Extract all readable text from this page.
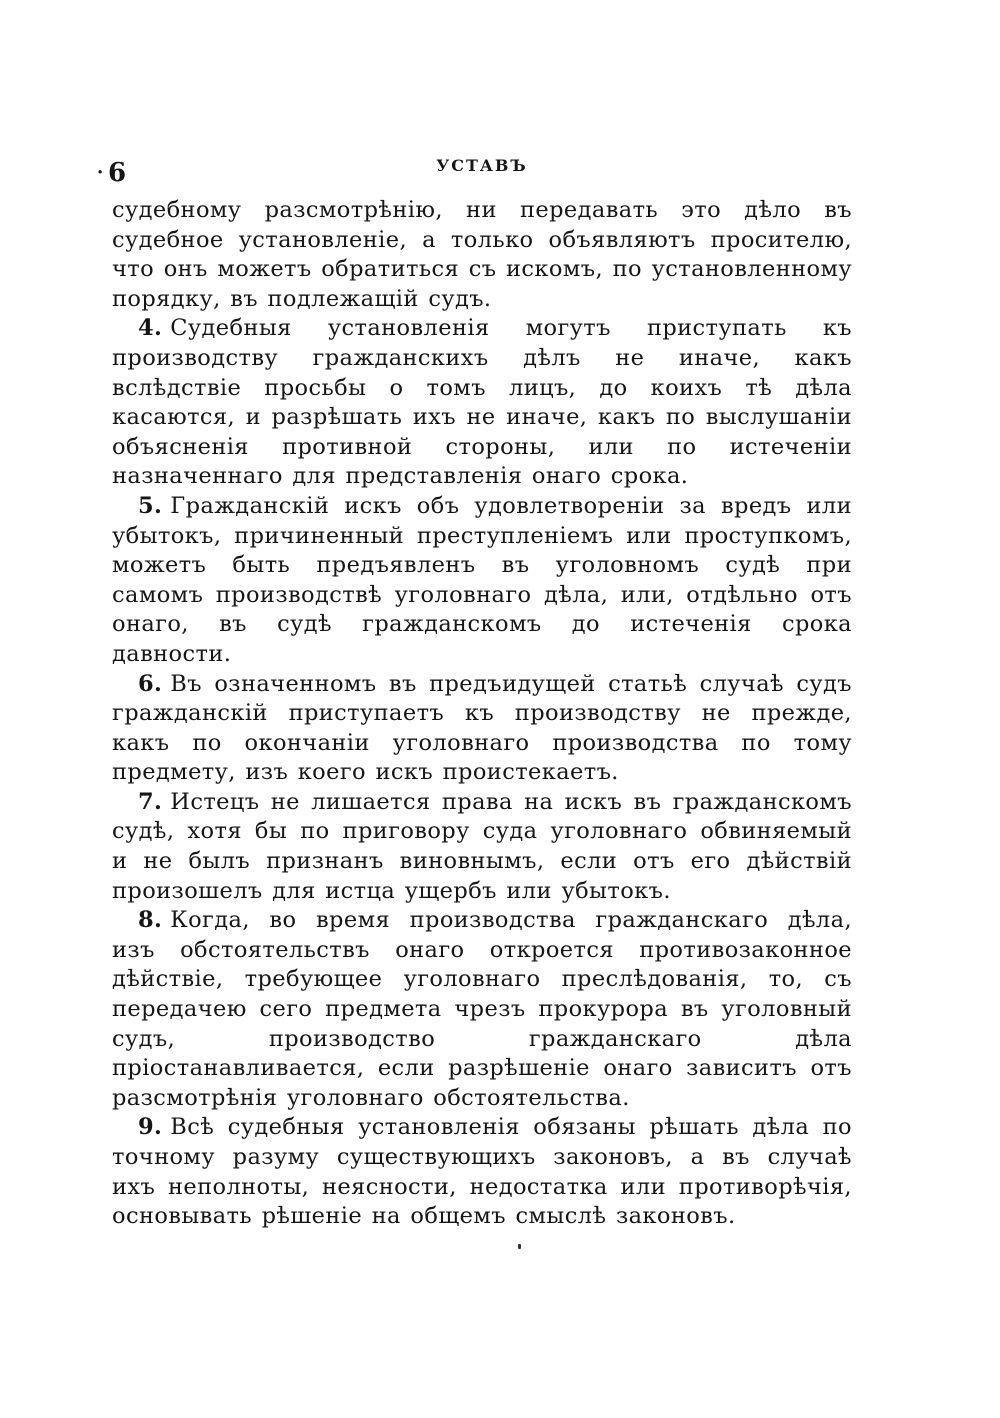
· 6	УСТАВЪ

судебному разсмотрѣнію, ни передавать это дѣло въ судебное установленіе, а только объявляютъ просителю, что онъ можетъ обратиться съ искомъ, по установленному порядку, въ подлежащій судъ.

4. Судебныя установленія могутъ приступать къ производству гражданскихъ дѣлъ не иначе, какъ вслѣдствіе просьбы о томъ лицъ, до коихъ тѣ дѣла касаются, и разрѣшать ихъ не иначе, какъ по выслушаніи объясненія противной стороны, или по истеченіи назначеннаго для представленія онаго срока.

5. Гражданскій искъ объ удовлетвореніи за вредъ или убытокъ, причиненный преступленіемъ или проступкомъ, можетъ быть предъявленъ въ уголовномъ судѣ при самомъ производствѣ уголовнаго дѣла, или, отдѣльно отъ онаго, въ судѣ гражданскомъ до истеченія срока давности.

6. Въ означенномъ въ предъидущей статьѣ случаѣ судъ гражданскій приступаетъ къ производству не прежде, какъ по окончаніи уголовнаго производства по тому предмету, изъ коего искъ проистекаетъ.

7. Истецъ не лишается права на искъ въ гражданскомъ судѣ, хотя бы по приговору суда уголовнаго обвиняемый и не былъ признанъ виновнымъ, если отъ его дѣйствій произошелъ для истца ущербъ или убытокъ.

8. Когда, во время производства гражданскаго дѣла, изъ обстоятельствъ онаго откроется противозаконное дѣйствіе, требующее уголовнаго преслѣдованія, то, съ передачею сего предмета чрезъ прокурора въ уголовный судъ, производство гражданскаго дѣла пріостанавливается, если разрѣшеніе онаго зависитъ отъ разсмотрѣнія уголовнаго обстоятельства.

9. Всѣ судебныя установленія обязаны рѣшать дѣла по точному разуму существующихъ законовъ, а въ случаѣ ихъ неполноты, неясности, недостатка или противорѣчія, основывать рѣшеніе на общемъ смыслѣ законовъ.
